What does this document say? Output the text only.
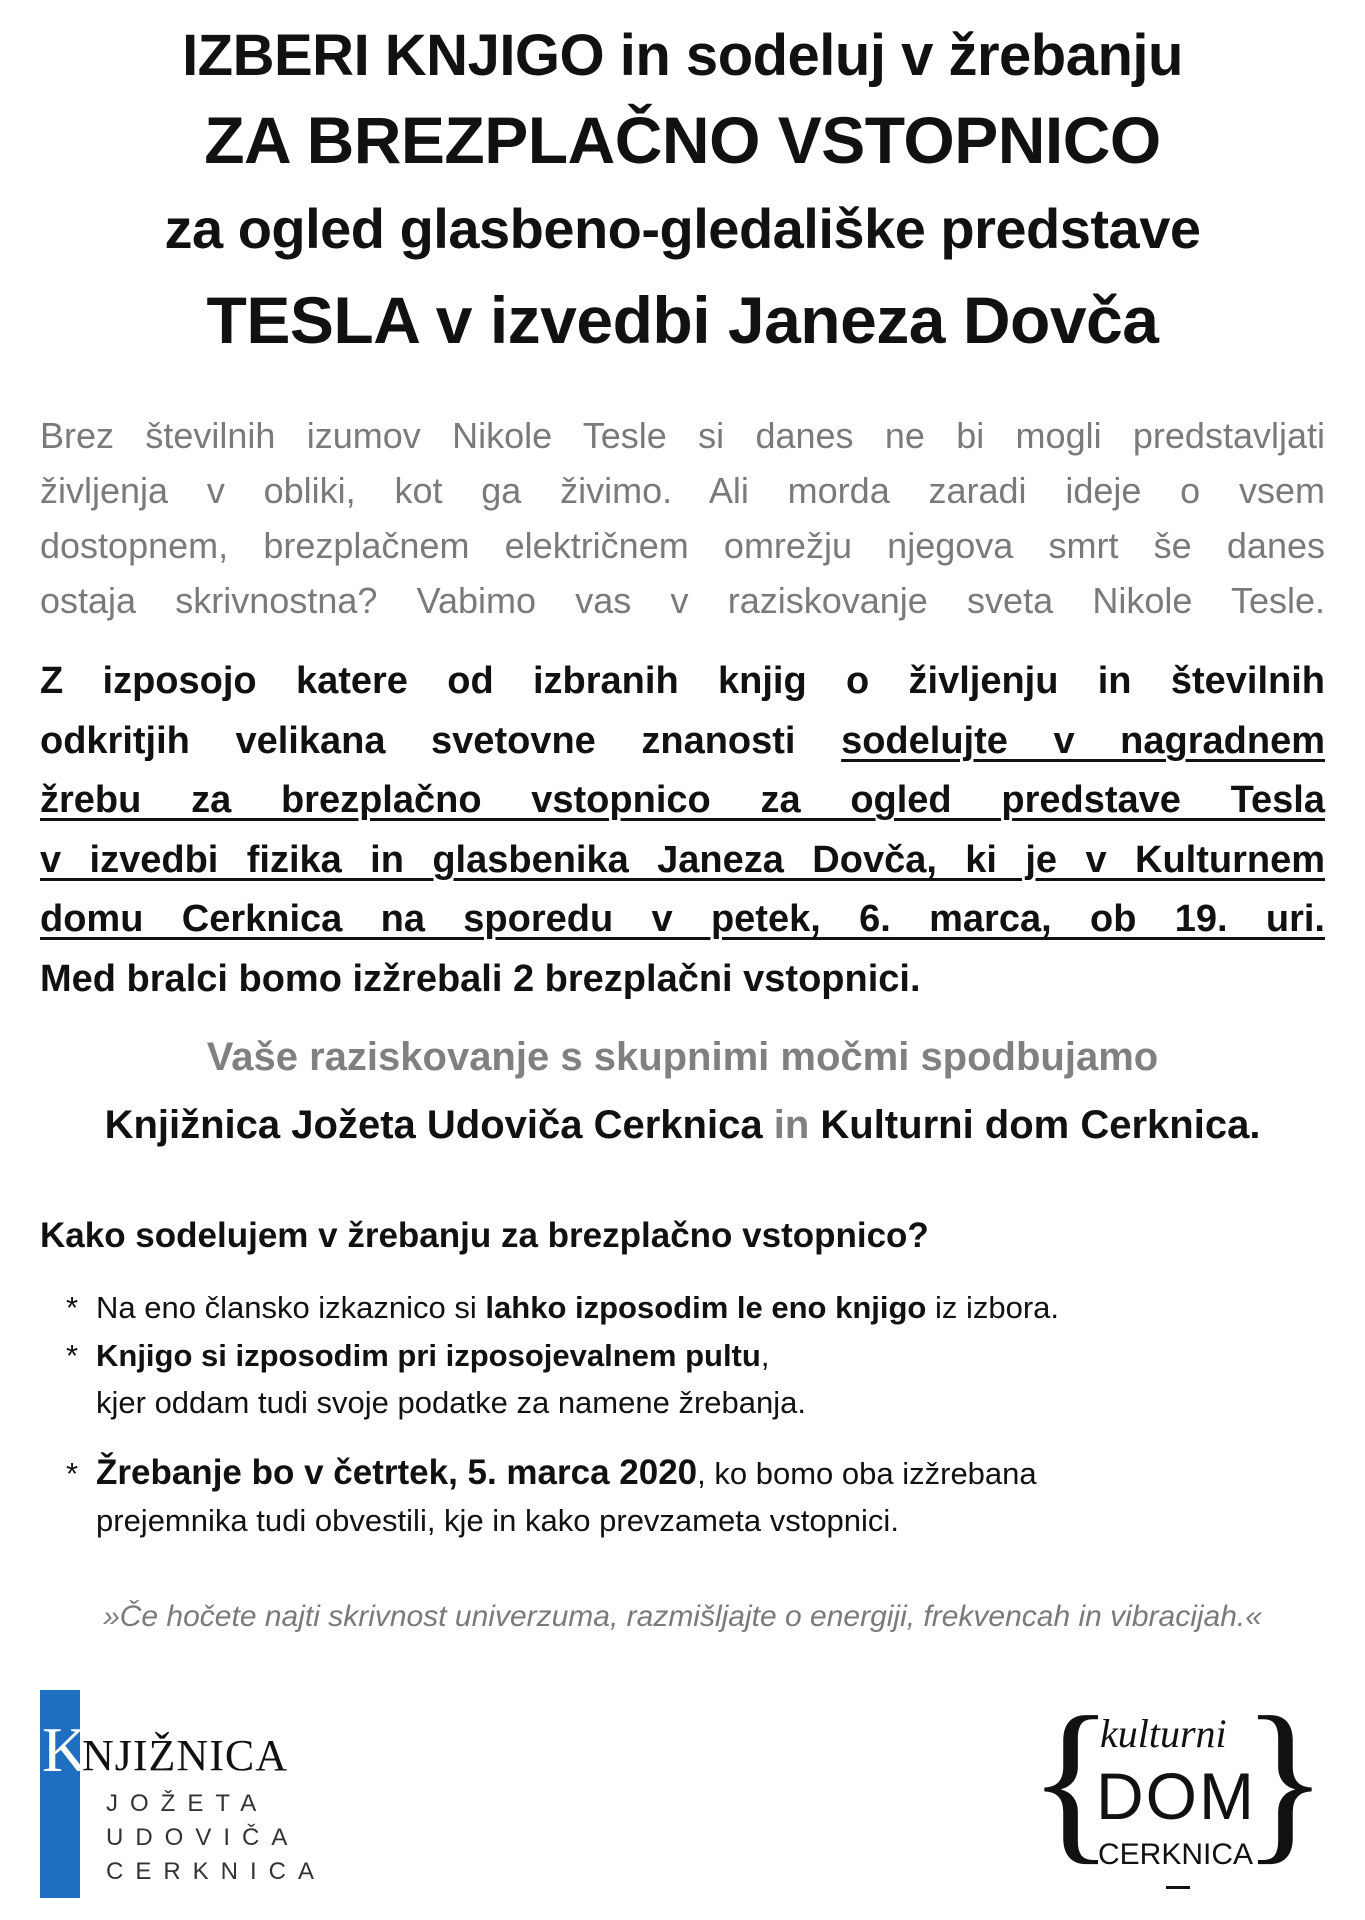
IZBERI KNJIGO in sodeluj v žrebanju
ZA BREZPLAČNO VSTOPNICO
za ogled glasbeno-gledališke predstave
TESLA v izvedbi Janeza Dovča
Brez številnih izumov Nikole Tesle si danes ne bi mogli predstavljati
življenja v obliki, kot ga živimo. Ali morda zaradi ideje o vsem
dostopnem, brezplačnem električnem omrežju njegova smrt še danes
ostaja skrivnostna? Vabimo vas v raziskovanje sveta Nikole Tesle.
Z izposojo katere od izbranih knjig o življenju in številnih
odkritjih velikana svetovne znanosti sodelujte v nagradnem
žrebu za brezplačno vstopnico za ogled predstave Tesla
v izvedbi fizika in glasbenika Janeza Dovča, ki je v Kulturnem
domu Cerknica na sporedu v petek, 6. marca, ob 19. uri.
Med bralci bomo izžrebali 2 brezplačni vstopnici.
Vaše raziskovanje s skupnimi močmi spodbujamo
Knjižnica Jožeta Udoviča Cerknica in Kulturni dom Cerknica.
Kako sodelujem v žrebanju za brezplačno vstopnico?
* Na eno člansko izkaznico si lahko izposodim le eno knjigo iz izbora.
* Knjigo si izposodim pri izposojevalnem pultu,
kjer oddam tudi svoje podatke za namene žrebanja.
* Žrebanje bo v četrtek, 5. marca 2020, ko bomo oba izžrebana
prejemnika tudi obvestili, kje in kako prevzameta vstopnici.
»Če hočete najti skrivnost univerzuma, razmišljajte o energiji, frekvencah in vibracijah.«
K
NJIŽNICA
JOŽETA
UDOVIČA
CERKNICA	{ }
kulturni
DOM
CERKNICA
